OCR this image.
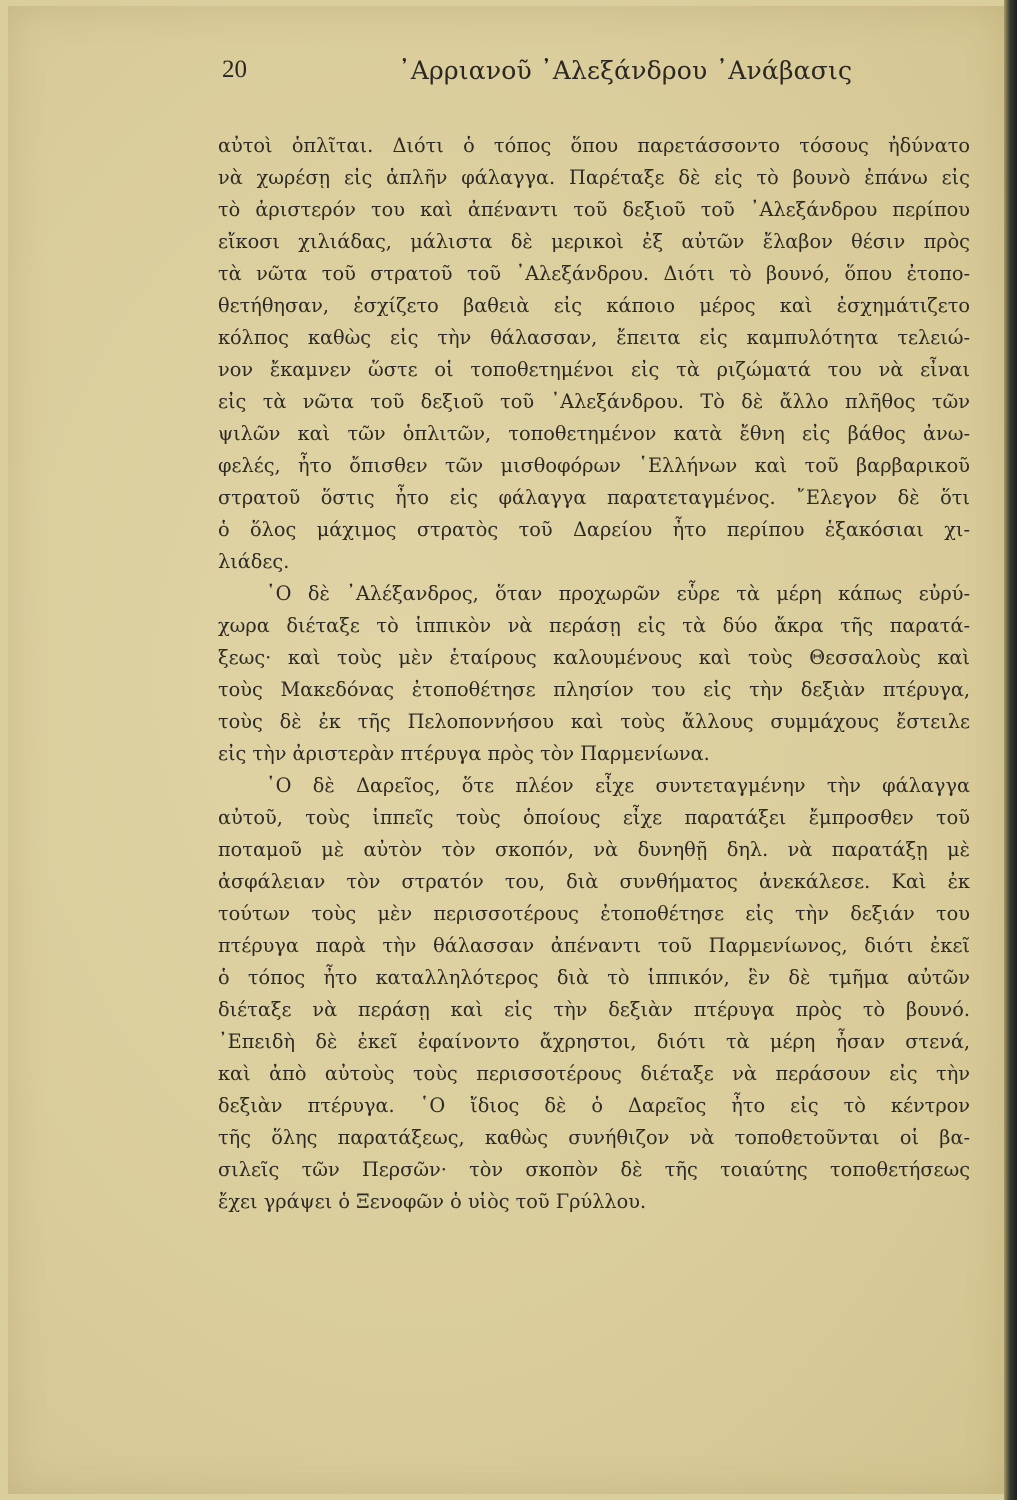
20	᾿Αρριανοῦ ᾿Αλεξάνδρου ᾿Ανάβασις
αὐτοὶ ὁπλῖται. Διότι ὁ τόπος ὅπου παρετάσσοντο τόσους ἠδύνατο
νὰ χωρέσῃ εἰς ἁπλῆν φάλαγγα. Παρέταξε δὲ εἰς τὸ βουνὸ ἐπάνω εἰς
τὸ ἀριστερόν του καὶ ἀπέναντι τοῦ δεξιοῦ τοῦ ᾿Αλεξάνδρου περίπου
εἴκοσι χιλιάδας, μάλιστα δὲ μερικοὶ ἐξ αὐτῶν ἔλαβον θέσιν πρὸς
τὰ νῶτα τοῦ στρατοῦ τοῦ ᾿Αλεξάνδρου. Διότι τὸ βουνό, ὅπου ἐτοπο-
θετήθησαν, ἐσχίζετο βαθειὰ εἰς κάποιο μέρος καὶ ἐσχημάτιζετο
κόλπος καθὼς εἰς τὴν θάλασσαν, ἔπειτα εἰς καμπυλότητα τελειώ-
νον ἔκαμνεν ὥστε οἱ τοποθετημένοι εἰς τὰ ριζώματά του νὰ εἶναι
εἰς τὰ νῶτα τοῦ δεξιοῦ τοῦ ᾿Αλεξάνδρου. Τὸ δὲ ἄλλο πλῆθος τῶν
ψιλῶν καὶ τῶν ὁπλιτῶν, τοποθετημένον κατὰ ἔθνη εἰς βάθος ἀνω-
φελές, ἦτο ὄπισθεν τῶν μισθοφόρων ῾Ελλήνων καὶ τοῦ βαρβαρικοῦ
στρατοῦ ὅστις ἦτο εἰς φάλαγγα παρατεταγμένος. ῎Ελεγον δὲ ὅτι
ὁ ὅλος μάχιμος στρατὸς τοῦ Δαρείου ἦτο περίπου ἑξακόσιαι χι-
λιάδες.
῾Ο δὲ ᾿Αλέξανδρος, ὅταν προχωρῶν εὗρε τὰ μέρη κάπως εὐρύ-
χωρα διέταξε τὸ ἱππικὸν νὰ περάσῃ εἰς τὰ δύο ἄκρα τῆς παρατά-
ξεως· καὶ τοὺς μὲν ἑταίρους καλουμένους καὶ τοὺς Θεσσαλοὺς καὶ
τοὺς Μακεδόνας ἐτοποθέτησε πλησίον του εἰς τὴν δεξιὰν πτέρυγα,
τοὺς δὲ ἐκ τῆς Πελοποννήσου καὶ τοὺς ἄλλους συμμάχους ἔστειλε
εἰς τὴν ἀριστερὰν πτέρυγα πρὸς τὸν Παρμενίωνα.
῾Ο δὲ Δαρεῖος, ὅτε πλέον εἶχε συντεταγμένην τὴν φάλαγγα
αὐτοῦ, τοὺς ἱππεῖς τοὺς ὁποίους εἶχε παρατάξει ἔμπροσθεν τοῦ
ποταμοῦ μὲ αὐτὸν τὸν σκοπόν, νὰ δυνηθῇ δηλ. νὰ παρατάξῃ μὲ
ἀσφάλειαν τὸν στρατόν του, διὰ συνθήματος ἀνεκάλεσε. Καὶ ἐκ
τούτων τοὺς μὲν περισσοτέρους ἐτοποθέτησε εἰς τὴν δεξιάν του
πτέρυγα παρὰ τὴν θάλασσαν ἀπέναντι τοῦ Παρμενίωνος, διότι ἐκεῖ
ὁ τόπος ἦτο καταλληλότερος διὰ τὸ ἱππικόν, ἓν δὲ τμῆμα αὐτῶν
διέταξε νὰ περάσῃ καὶ εἰς τὴν δεξιὰν πτέρυγα πρὸς τὸ βουνό.
᾿Επειδὴ δὲ ἐκεῖ ἐφαίνοντο ἄχρηστοι, διότι τὰ μέρη ἦσαν στενά,
καὶ ἀπὸ αὐτοὺς τοὺς περισσοτέρους διέταξε νὰ περάσουν εἰς τὴν
δεξιὰν πτέρυγα. ῾Ο ἴδιος δὲ ὁ Δαρεῖος ἦτο εἰς τὸ κέντρον
τῆς ὅλης παρατάξεως, καθὼς συνήθιζον νὰ τοποθετοῦνται οἱ βα-
σιλεῖς τῶν Περσῶν· τὸν σκοπὸν δὲ τῆς τοιαύτης τοποθετήσεως
ἔχει γράψει ὁ Ξενοφῶν ὁ υἱὸς τοῦ Γρύλλου.
